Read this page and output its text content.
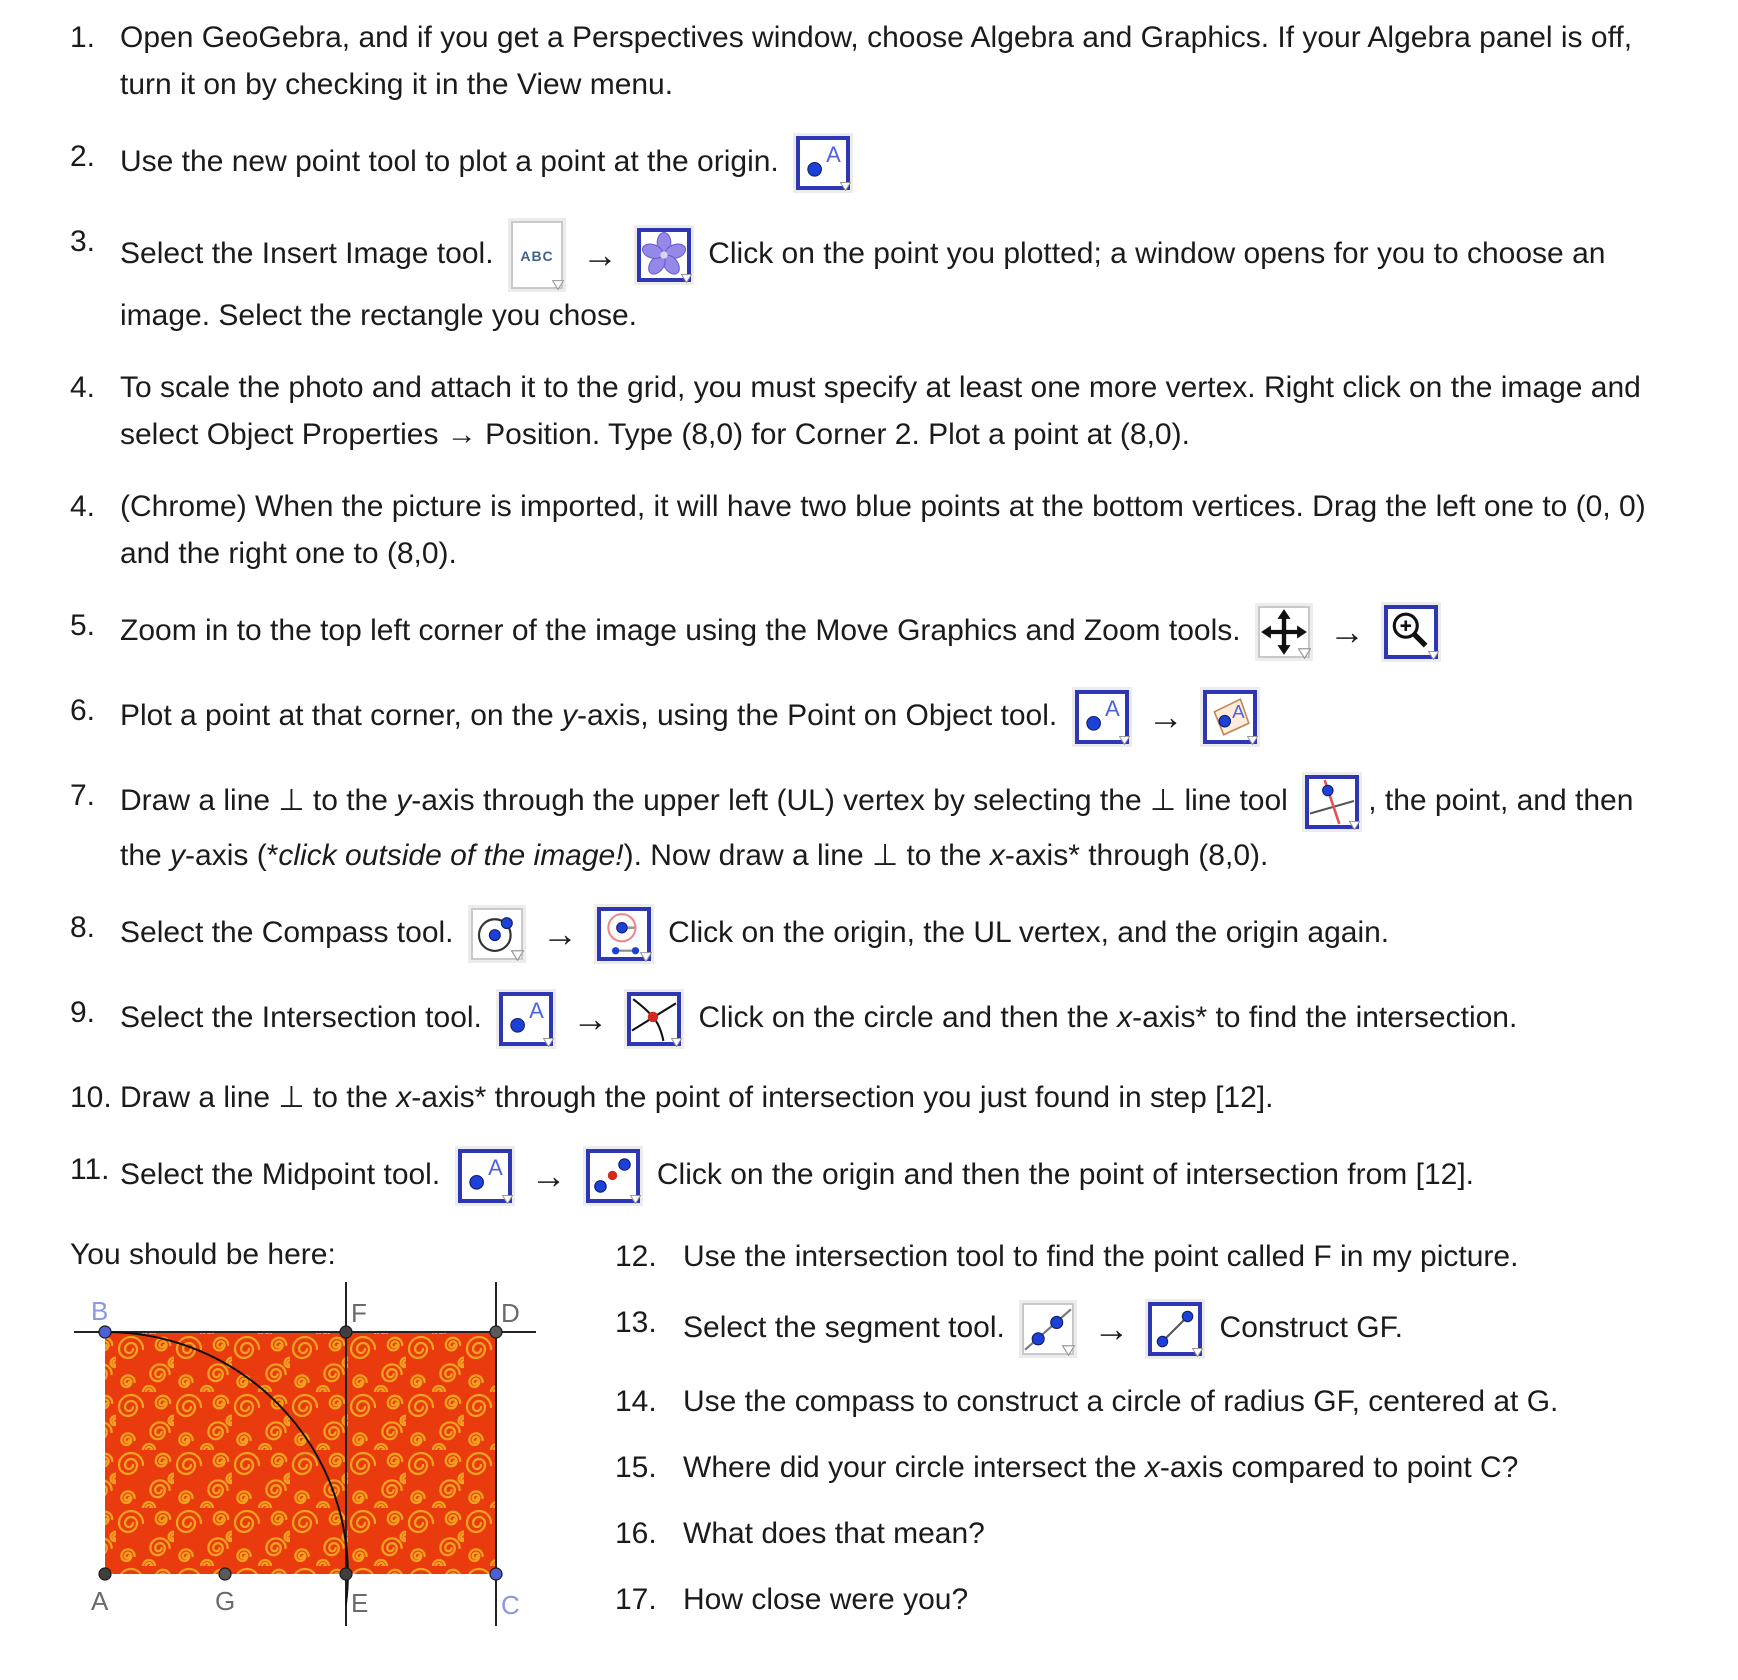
1. Open GeoGebra, and if you get a Perspectives window, choose Algebra and Graphics. If your Algebra panel is off, turn it on by checking it in the View menu.
2. Use the new point tool to plot a point at the origin. A
3. Select the Insert Image tool. ABC →	Click on the point you plotted; a window opens for you to choose an image. Select the rectangle you chose.
4. To scale the photo and attach it to the grid, you must specify at least one more vertex. Right click on the image and select Object Properties → Position. Type (8,0) for Corner 2. Plot a point at (8,0).
4. (Chrome) When the picture is imported, it will have two blue points at the bottom vertices. Drag the left one to (0, 0) and the right one to (8,0).
5. Zoom in to the top left corner of the image using the Move Graphics and Zoom tools.
→
6. Plot a point at that corner, on the y-axis, using the Point on Object tool. A →	A
7. Draw a line ⊥ to the y-axis through the upper left (UL) vertex by selecting the ⊥ line tool
, the point, and then the y-axis (*click outside of the image!). Now draw a line ⊥ to the x-axis* through (8,0).
8. Select the Compass tool.
→	Click on the origin, the UL vertex, and the origin again.
9. Select the Intersection tool. A →	Click on the circle and then the x-axis* to find the intersection.
10. Draw a line ⊥ to the x-axis* through the point of intersection you just found in step [12].
11. Select the Midpoint tool. A →	Click on the origin and then the point of intersection from [12].
You should be here:
B	F	D
A	G	E	C
12. Use the intersection tool to find the point called F in my picture.
13. Select the segment tool.
→	Construct GF.
14. Use the compass to construct a circle of radius GF, centered at G.
15. Where did your circle intersect the x-axis compared to point C?
16. What does that mean?
17. How close were you?
